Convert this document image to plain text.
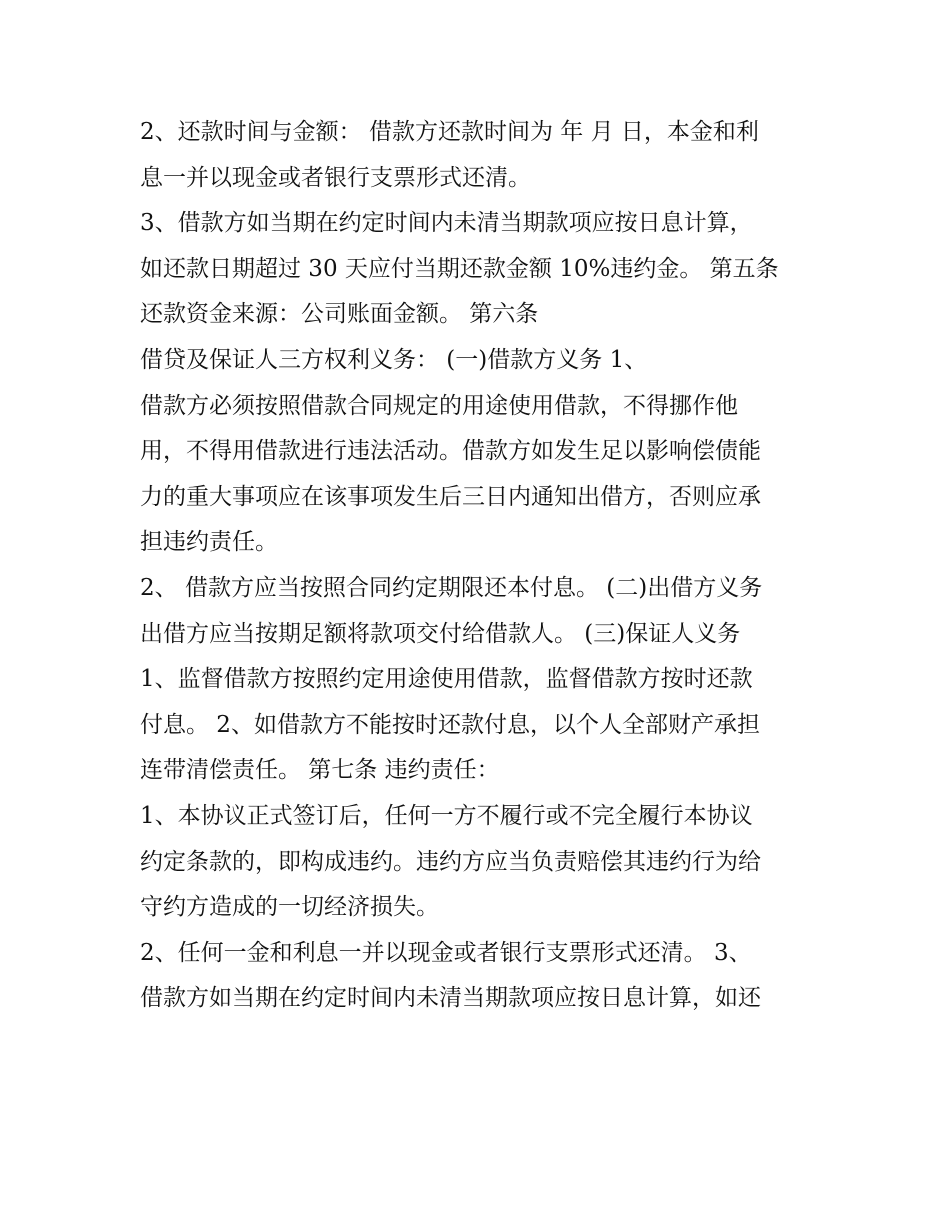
2、还款时间与金额： 借款方还款时间为 年 月 日，本金和利
息一并以现金或者银行支票形式还清。
3、借款方如当期在约定时间内未清当期款项应按日息计算，
如还款日期超过 30 天应付当期还款金额 10%违约金。 第五条
还款资金来源：公司账面金额。 第六条
借贷及保证人三方权利义务： (一)借款方义务 1、
借款方必须按照借款合同规定的用途使用借款，不得挪作他
用，不得用借款进行违法活动。借款方如发生足以影响偿债能
力的重大事项应在该事项发生后三日内通知出借方，否则应承
担违约责任。
2、 借款方应当按照合同约定期限还本付息。 (二)出借方义务
出借方应当按期足额将款项交付给借款人。 (三)保证人义务
1、监督借款方按照约定用途使用借款，监督借款方按时还款
付息。 2、如借款方不能按时还款付息，以个人全部财产承担
连带清偿责任。 第七条 违约责任：
1、本协议正式签订后，任何一方不履行或不完全履行本协议
约定条款的，即构成违约。违约方应当负责赔偿其违约行为给
守约方造成的一切经济损失。
2、任何一金和利息一并以现金或者银行支票形式还清。 3、
借款方如当期在约定时间内未清当期款项应按日息计算，如还
